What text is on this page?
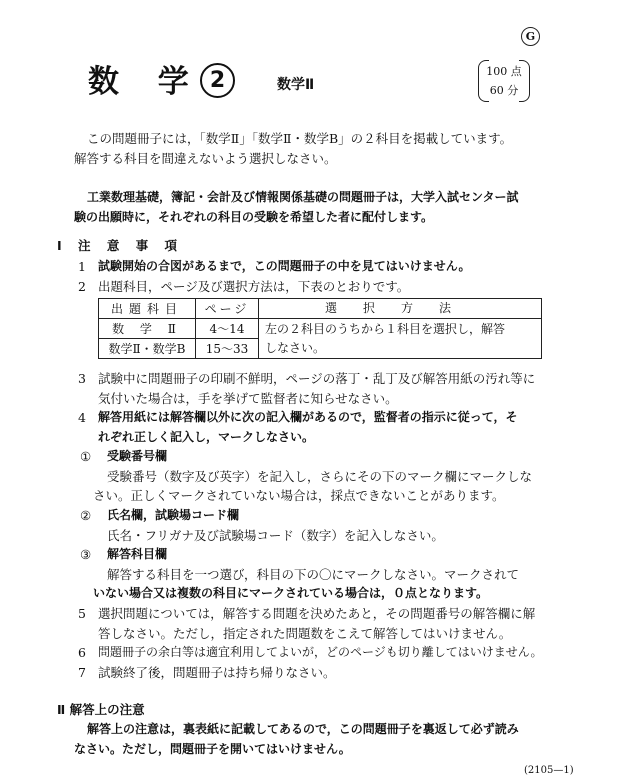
G
数 学 2	数学Ⅱ
100 点
60 分
この問題冊子には，「数学Ⅱ」「数学Ⅱ・数学B」の２科目を掲載しています。
解答する科目を間違えないよう選択しなさい。
工業数理基礎，簿記・会計及び情報関係基礎の問題冊子は，大学入試センター試
験の出願時に，それぞれの科目の受験を希望した者に配付します。
Ⅰ 注 意 事 項
1 試験開始の合図があるまで，この問題冊子の中を見てはいけません。
2 出題科目，ページ及び選択方法は，下表のとおりです。
出題科目	ページ	選択方法
数 学 Ⅱ	4〜14	左の２科目のうちから１科目を選択し，解答
しなさい。

数学Ⅱ・数学B	15〜33	
3 試験中に問題冊子の印刷不鮮明，ページの落丁・乱丁及び解答用紙の汚れ等に
気付いた場合は，手を挙げて監督者に知らせなさい。
4 解答用紙には解答欄以外に次の記入欄があるので，監督者の指示に従って，そ
れぞれ正しく記入し，マークしなさい。
① 受験番号欄
受験番号（数字及び英字）を記入し，さらにその下のマーク欄にマークしな
さい。正しくマークされていない場合は，採点できないことがあります。
② 氏名欄，試験場コード欄
氏名・フリガナ及び試験場コード（数字）を記入しなさい。
③ 解答科目欄
解答する科目を一つ選び，科目の下の〇にマークしなさい。マークされて
いない場合又は複数の科目にマークされている場合は，０点となります。
5 選択問題については，解答する問題を決めたあと，その問題番号の解答欄に解
答しなさい。ただし，指定された問題数をこえて解答してはいけません。
6 問題冊子の余白等は適宜利用してよいが，どのページも切り離してはいけません。
7 試験終了後，問題冊子は持ち帰りなさい。
Ⅱ 解答上の注意
解答上の注意は，裏表紙に記載してあるので，この問題冊子を裏返して必ず読み
なさい。ただし，問題冊子を開いてはいけません。
(2105—1)
